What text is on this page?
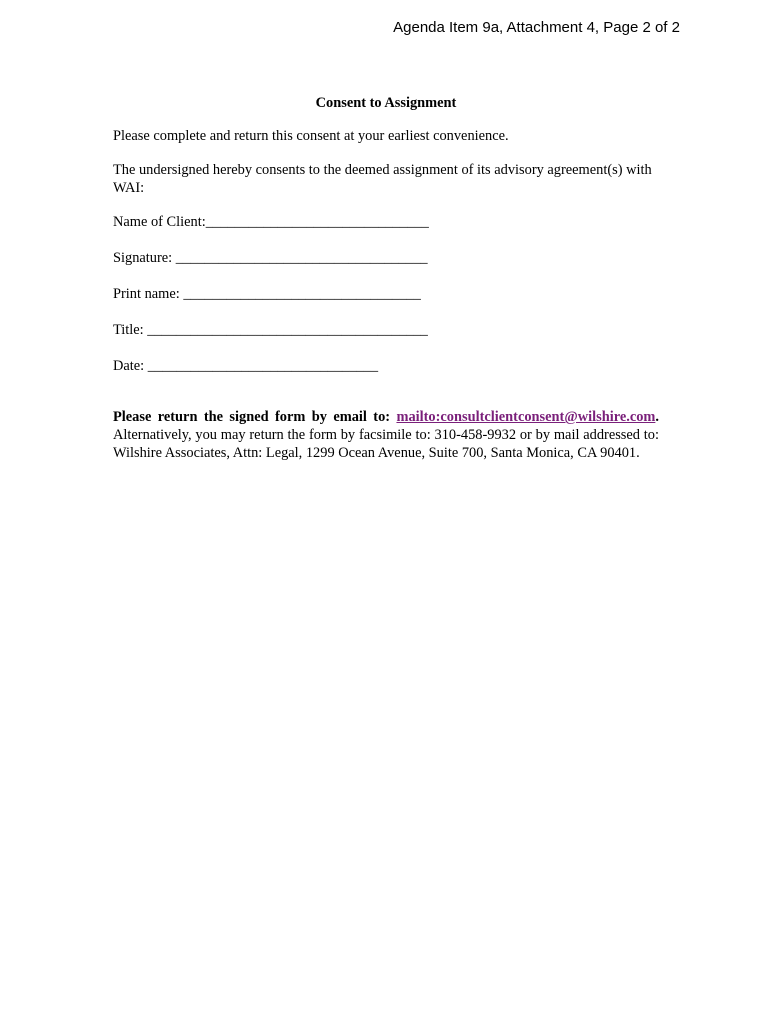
Agenda Item 9a, Attachment 4, Page 2 of 2
Consent to Assignment

Please complete and return this consent at your earliest convenience.

The undersigned hereby consents to the deemed assignment of its advisory agreement(s) with WAI:

Name of Client:_______________________________
Signature: ___________________________________
Print name: _________________________________
Title: _______________________________________
Date: ________________________________
Please return the signed form by email to: mailto:consultclientconsent@wilshire.com. Alternatively, you may return the form by facsimile to: 310-458-9932 or by mail addressed to: Wilshire Associates, Attn: Legal, 1299 Ocean Avenue, Suite 700, Santa Monica, CA 90401.
